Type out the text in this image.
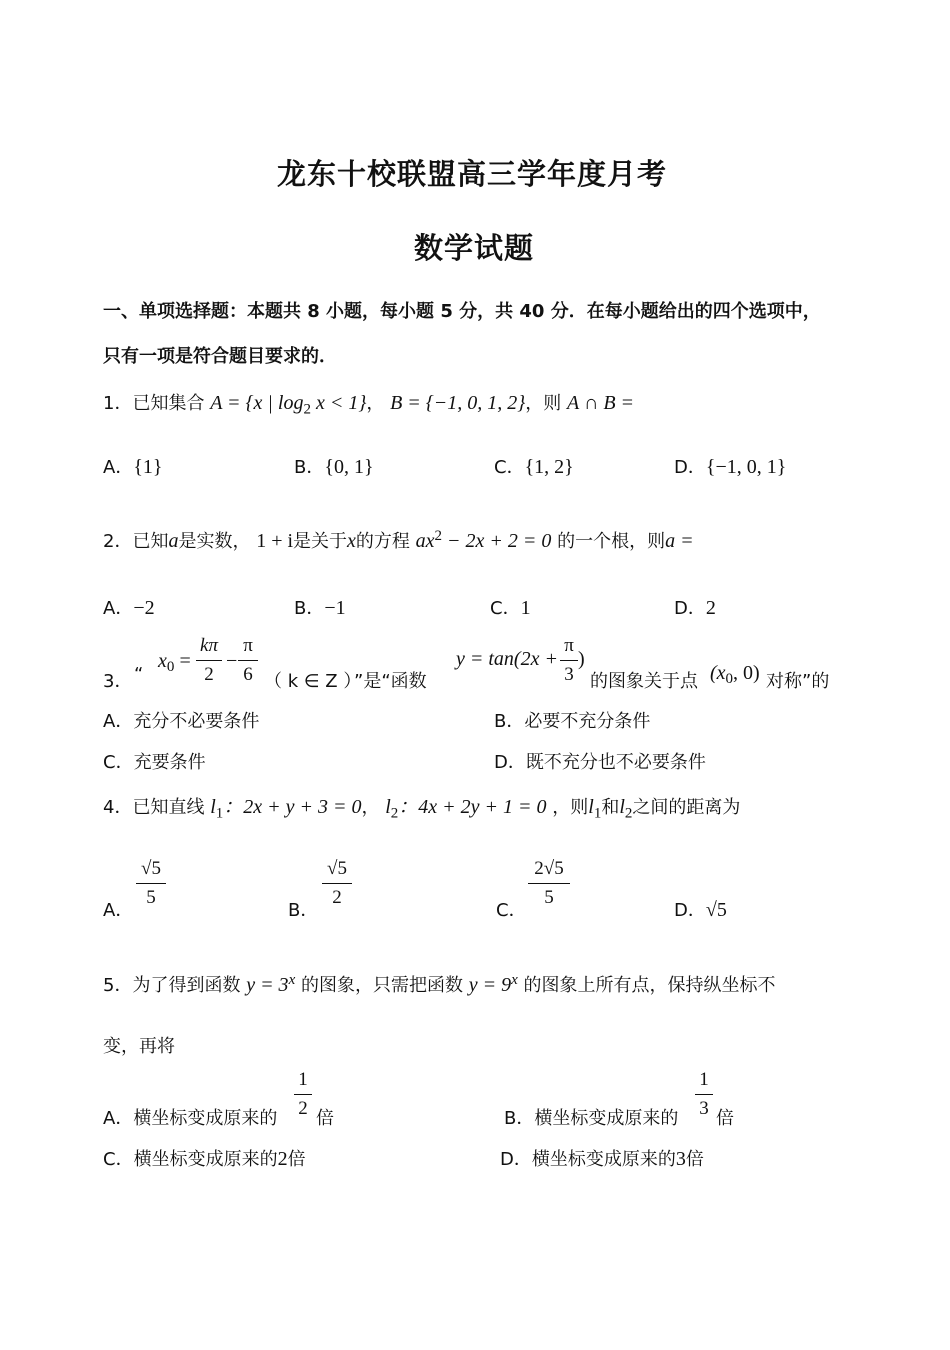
龙东十校联盟高三学年度月考
数学试题
一、单项选择题：本题共 8 小题，每小题 5 分，共 40 分．在每小题给出的四个选项中，
只有一项是符合题目要求的．
1．已知集合 A = {x | $\log_2 x < 1$}， B = {−1, 0, 1, 2}，则 A ∩ B =
A．{1}	B．{0, 1}	C．{1, 2}	D．{−1, 0, 1}
2．已知a是实数， 1 + i是关于x的方程 $ax^2 - 2x + 2 = 0$ 的一个根，则a =
A．−2	B．−1	C．1	D．2
3． “
$x_0$ =
kπ
2
−
π
6 （ k ∈ Z ）
”是“函数
y = tan(2x +
π
3
)
的图象关于点 ($x_0$, 0) 对称”的
A．充分不必要条件	B．必要不充分条件
C．充要条件	D．既不充分也不必要条件
4．已知直线 $l_1$：2x + y + 3 = 0， $l_2$：4x + 2y + 1 = 0 ，则$l_1$和$l_2$之间的距离为
A．
√5
5
B．
√5
2
C．
2√5
5
D．√5
5．为了得到函数 $y = 3^x$ 的图象，只需把函数 $y = 9^x$ 的图象上所有点，保持纵坐标不
变，再将
A．横坐标变成原来的
1
2 倍	B．横坐标变成原来的
1
3 倍
C．横坐标变成原来的2倍	D．横坐标变成原来的3倍
